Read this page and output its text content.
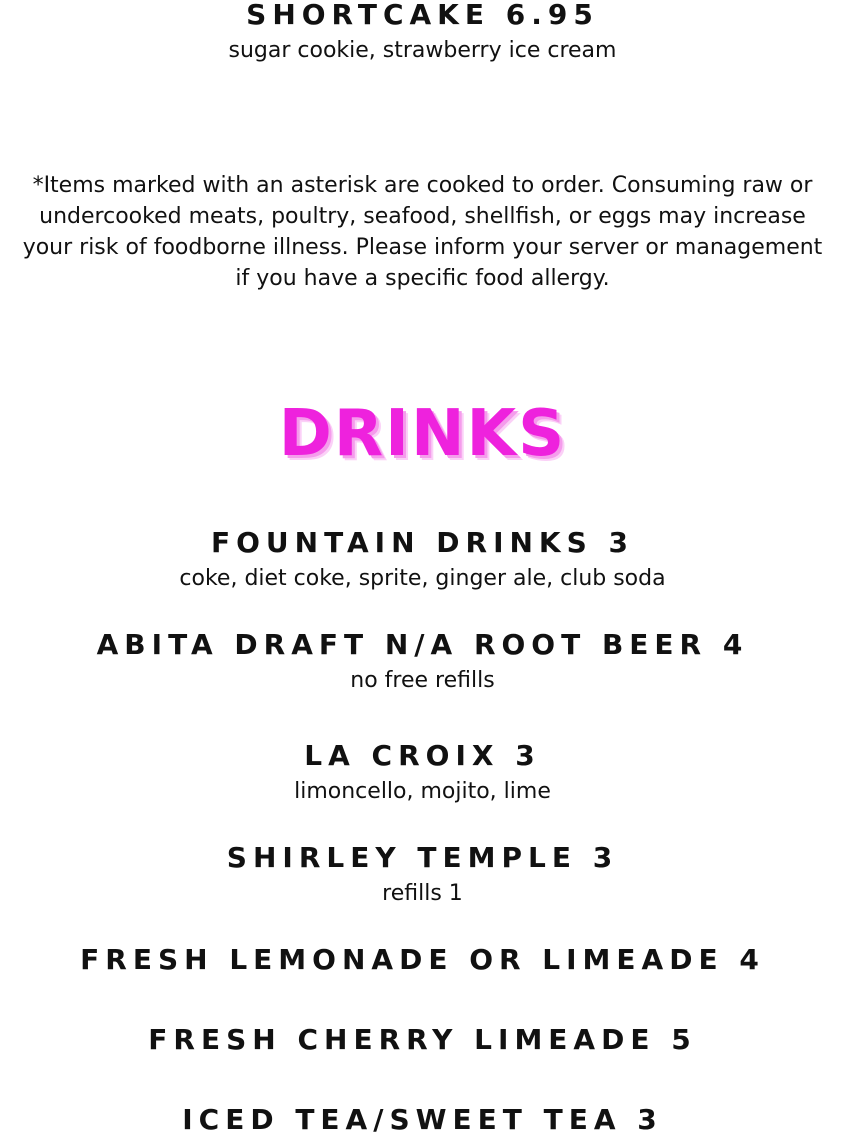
SHORTCAKE 6.95
sugar cookie, strawberry ice cream
*Items marked with an asterisk are cooked to order. Consuming raw or undercooked meats, poultry, seafood, shellfish, or eggs may increase your risk of foodborne illness. Please inform your server or management if you have a specific food allergy.
DRINKS
FOUNTAIN DRINKS 3
coke, diet coke, sprite, ginger ale, club soda
ABITA DRAFT N/A ROOT BEER 4
no free refills
LA CROIX 3
limoncello, mojito, lime
SHIRLEY TEMPLE 3
refills 1
FRESH LEMONADE OR LIMEADE 4
FRESH CHERRY LIMEADE 5
ICED TEA/SWEET TEA 3
